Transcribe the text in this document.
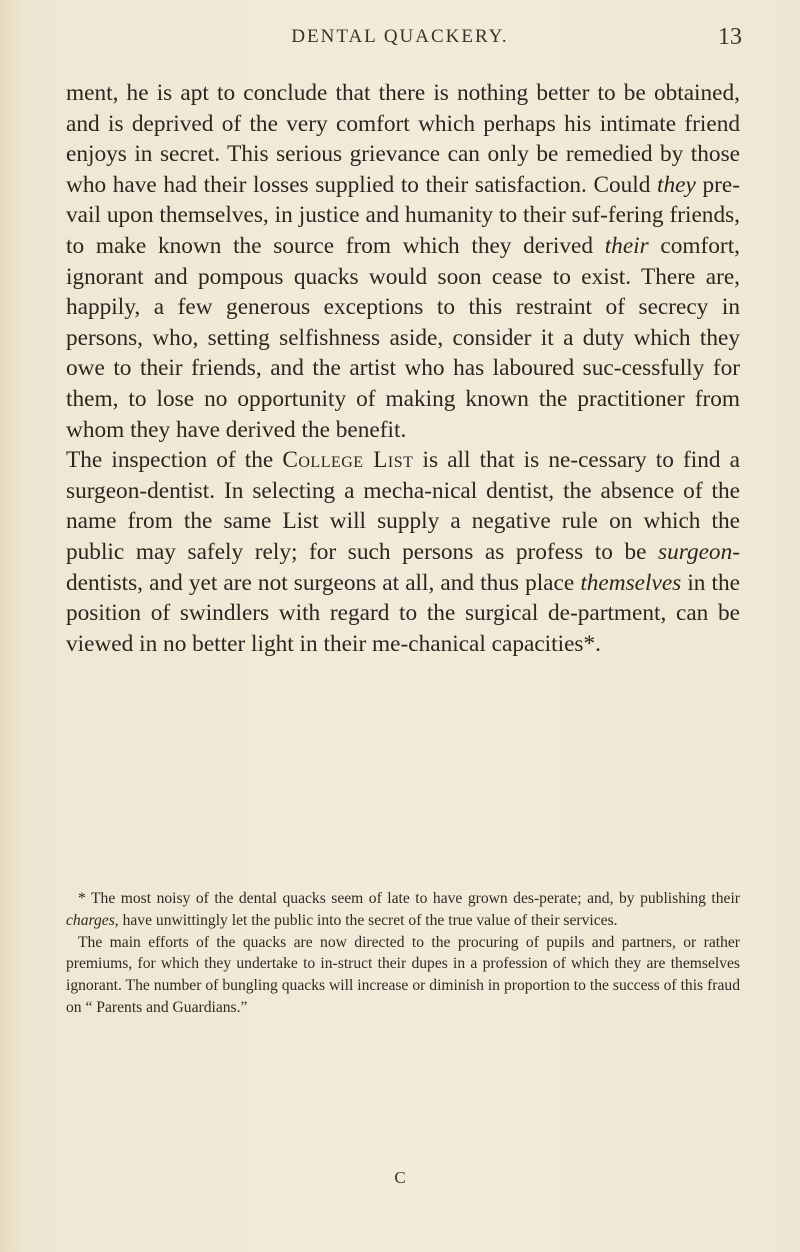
DENTAL QUACKERY.	13

ment, he is apt to conclude that there is nothing better to be obtained, and is deprived of the very comfort which perhaps his intimate friend enjoys in secret. This serious grievance can only be remedied by those who have had their losses supplied to their satisfaction. Could they pre-vail upon themselves, in justice and humanity to their suf-fering friends, to make known the source from which they derived their comfort, ignorant and pompous quacks would soon cease to exist. There are, happily, a few generous exceptions to this restraint of secrecy in persons, who, setting selfishness aside, consider it a duty which they owe to their friends, and the artist who has laboured suc-cessfully for them, to lose no opportunity of making known the practitioner from whom they have derived the benefit.

The inspection of the College List is all that is ne-cessary to find a surgeon-dentist. In selecting a mecha-nical dentist, the absence of the name from the same List will supply a negative rule on which the public may safely rely; for such persons as profess to be surgeon-dentists, and yet are not surgeons at all, and thus place themselves in the position of swindlers with regard to the surgical de-partment, can be viewed in no better light in their me-chanical capacities*.

* The most noisy of the dental quacks seem of late to have grown des-perate; and, by publishing their charges, have unwittingly let the public into the secret of the true value of their services.

The main efforts of the quacks are now directed to the procuring of pupils and partners, or rather premiums, for which they undertake to in-struct their dupes in a profession of which they are themselves ignorant. The number of bungling quacks will increase or diminish in proportion to the success of this fraud on “ Parents and Guardians.”

C
